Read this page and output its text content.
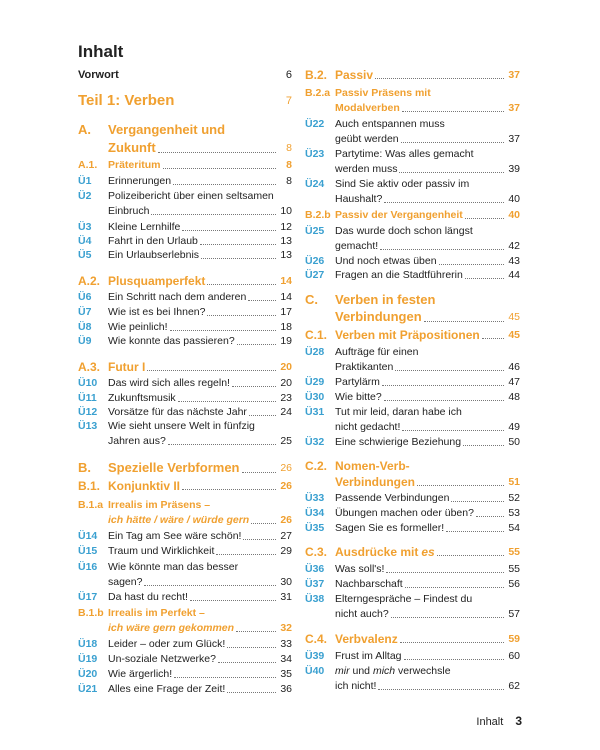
Inhalt
Vorwort	6
Teil 1: Verben	7
A. Vergangenheit und
Zukunft	8
A.1.	Präteritum	8
Ü1	Erinnerungen	8
Ü2	Polizeibericht über einen seltsamen
Einbruch	10
Ü3	Kleine Lernhilfe	12
Ü4	Fahrt in den Urlaub	13
Ü5	Ein Urlaubserlebnis	13
A.2. Plusquamperfekt	14
Ü6	Ein Schritt nach dem anderen	14
Ü7	Wie ist es bei Ihnen?	17
Ü8	Wie peinlich!	18
Ü9	Wie konnte das passieren?	19
A.3. Futur I	20
Ü10	Das wird sich alles regeln!	20
Ü11	Zukunftsmusik	23
Ü12	Vorsätze für das nächste Jahr	24
Ü13	Wie sieht unsere Welt in fünfzig
Jahren aus?	25
B.	Spezielle Verbformen	26
B.1. Konjunktiv II	26
B.1.a Irrealis im Präsens –
ich hätte / wäre / würde gern	26
Ü14	Ein Tag am See wäre schön!	27
Ü15	Traum und Wirklichkeit	29
Ü16	Wie könnte man das besser
sagen?	30
Ü17	Da hast du recht!	31
B.1.b Irrealis im Perfekt –
ich wäre gern gekommen	32
Ü18	Leider – oder zum Glück!	33
Ü19	Un-soziale Netzwerke?	34
Ü20	Wie ärgerlich!	35
Ü21	Alles eine Frage der Zeit!	36
B.2. Passiv	37
B.2.a Passiv Präsens mit
Modalverben	37
Ü22	Auch entspannen muss
geübt werden	37
Ü23	Partytime: Was alles gemacht
werden muss	39
Ü24	Sind Sie aktiv oder passiv im
Haushalt?	40
B.2.b Passiv der Vergangenheit	40
Ü25	Das wurde doch schon längst
gemacht!	42
Ü26	Und noch etwas üben	43
Ü27	Fragen an die Stadtführerin	44
C. Verben in festen
Verbindungen	45
C.1. Verben mit Präpositionen	45
Ü28	Aufträge für einen
Praktikanten	46
Ü29	Partylärm	47
Ü30	Wie bitte?	48
Ü31	Tut mir leid, daran habe ich
nicht gedacht!	49
Ü32	Eine schwierige Beziehung	50
C.2. Nomen-Verb-
Verbindungen	51
Ü33	Passende Verbindungen	52
Ü34	Übungen machen oder üben?	53
Ü35	Sagen Sie es formeller!	54
C.3. Ausdrücke mit es	55
Ü36	Was soll's!	55
Ü37	Nachbarschaft	56
Ü38	Elterngespräche – Findest du
nicht auch?	57
C.4. Verbvalenz	59
Ü39	Frust im Alltag	60
Ü40	mir und mich verwechsle
ich nicht!	62
Inhalt 3
